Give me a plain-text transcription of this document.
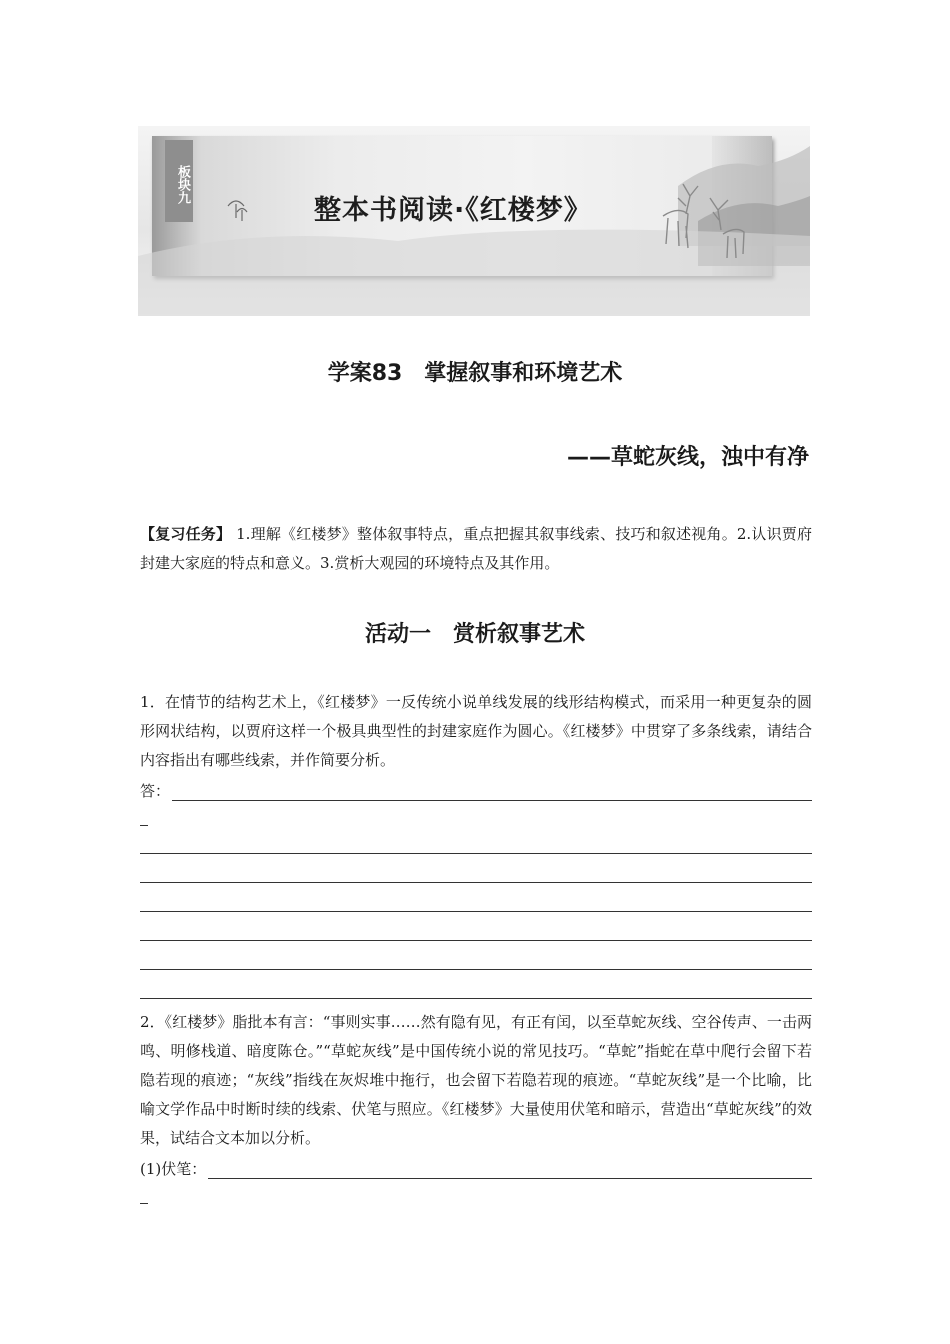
板块九
整本书阅读·《红楼梦》
学案83　掌握叙事和环境艺术
——草蛇灰线，浊中有净
【复习任务】 1.理解《红楼梦》整体叙事特点，重点把握其叙事线索、技巧和叙述视角。2.认识贾府封建大家庭的特点和意义。3.赏析大观园的环境特点及其作用。
活动一　赏析叙事艺术
1．在情节的结构艺术上，《红楼梦》一反传统小说单线发展的线形结构模式，而采用一种更复杂的圆形网状结构，以贾府这样一个极具典型性的封建家庭作为圆心。《红楼梦》中贯穿了多条线索，请结合内容指出有哪些线索，并作简要分析。
答：
2．《红楼梦》脂批本有言：“事则实事……然有隐有见，有正有闰，以至草蛇灰线、空谷传声、一击两鸣、明修栈道、暗度陈仓。”“草蛇灰线”是中国传统小说的常见技巧。“草蛇”指蛇在草中爬行会留下若隐若现的痕迹；“灰线”指线在灰烬堆中拖行，也会留下若隐若现的痕迹。“草蛇灰线”是一个比喻，比喻文学作品中时断时续的线索、伏笔与照应。《红楼梦》大量使用伏笔和暗示，营造出“草蛇灰线”的效果，试结合文本加以分析。
(1)伏笔：
